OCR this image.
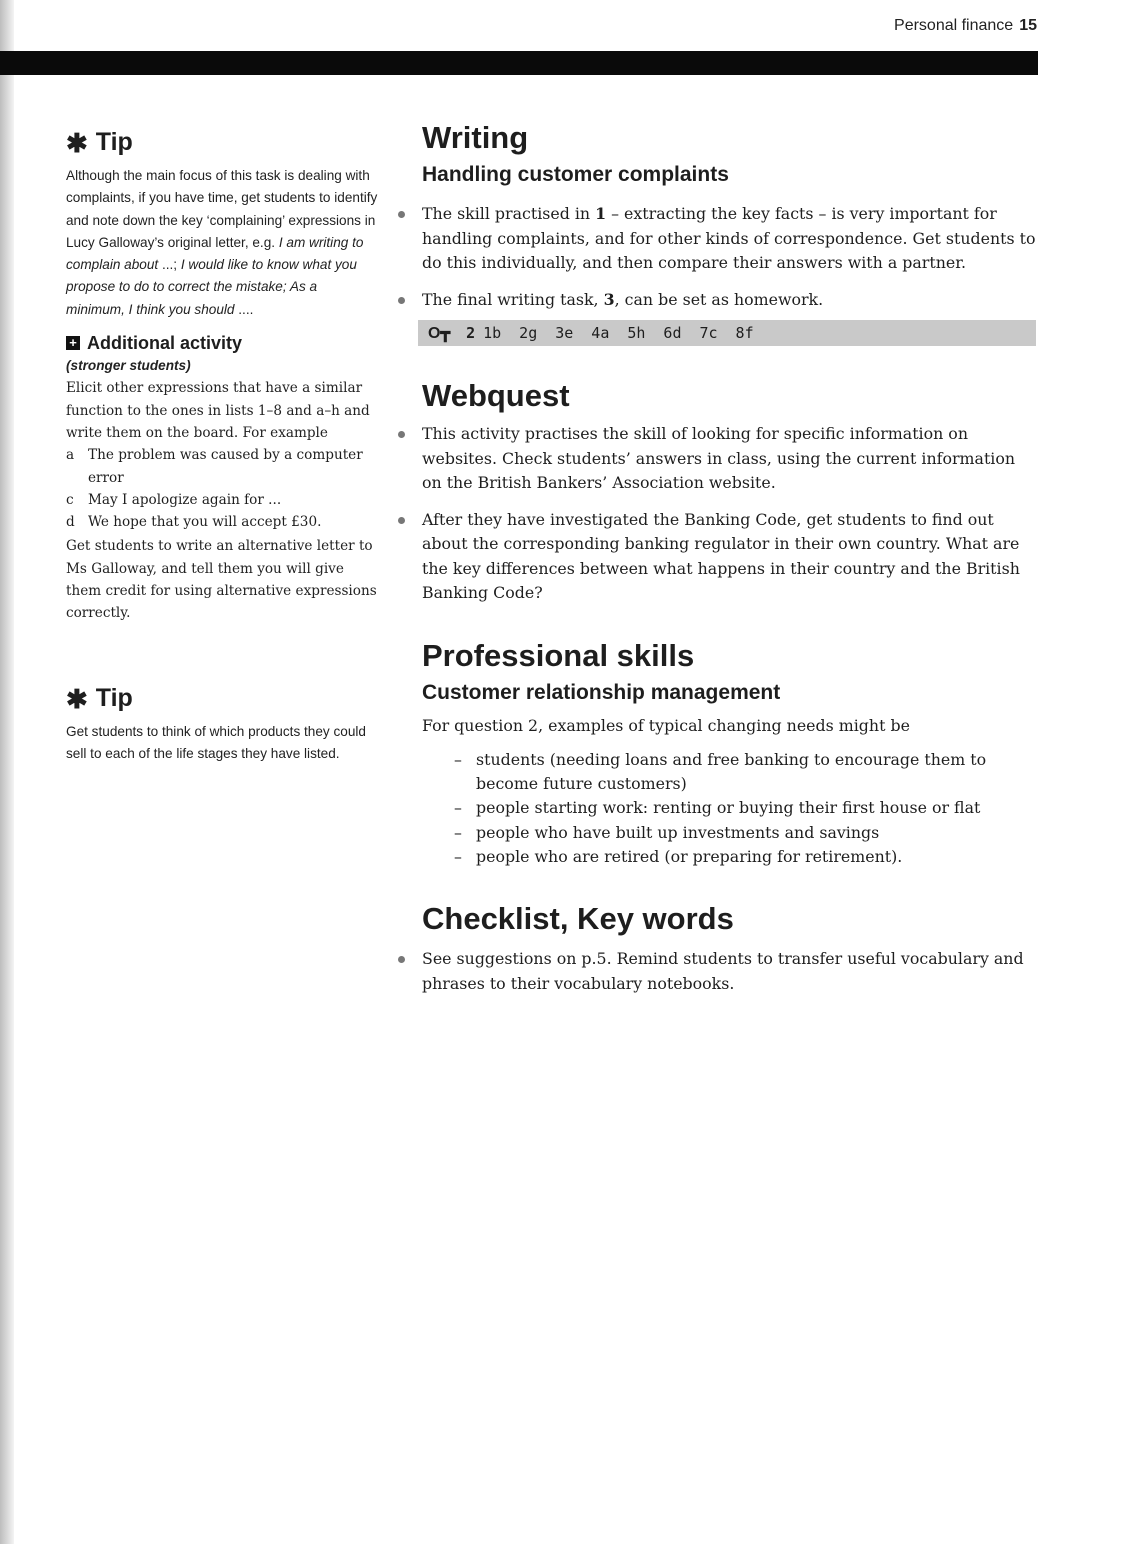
Personal finance 15
✱ Tip

Although the main focus of this task is dealing with complaints, if you have time, get students to identify and note down the key ‘complaining’ expressions in Lucy Galloway’s original letter, e.g. I am writing to complain about ...; I would like to know what you propose to do to correct the mistake; As a minimum, I think you should ....

+ Additional activity

(stronger students)

Elicit other expressions that have a similar function to the ones in lists 1–8 and a–h and write them on the board. For example

a	The problem was caused by a computer error
c	May I apologize again for ...
d We hope that you will accept £30.

Get students to write an alternative letter to Ms Galloway, and tell them you will give them credit for using alternative expressions correctly.

✱ Tip

Get students to think of which products they could sell to each of the life stages they have listed.

Writing
Handling customer complaints
The skill practised in 1 – extracting the key facts – is very important for handling complaints, and for other kinds of correspondence. Get students to do this individually, and then compare their answers with a partner.
The final writing task, 3, can be set as homework.
O┳ 2 1b 2g 3e 4a 5h 6d 7c 8f
Webquest
This activity practises the skill of looking for specific information on websites. Check students’ answers in class, using the current information on the British Bankers’ Association website.
After they have investigated the Banking Code, get students to find out about the corresponding banking regulator in their own country. What are the key differences between what happens in their country and the British Banking Code?
Professional skills
Customer relationship management

For question 2, examples of typical changing needs might be

– students (needing loans and free banking to encourage them to become future customers)
– people starting work: renting or buying their first house or flat
– people who have built up investments and savings
– people who are retired (or preparing for retirement).
Checklist, Key words
See suggestions on p.5. Remind students to transfer useful vocabulary and phrases to their vocabulary notebooks.
